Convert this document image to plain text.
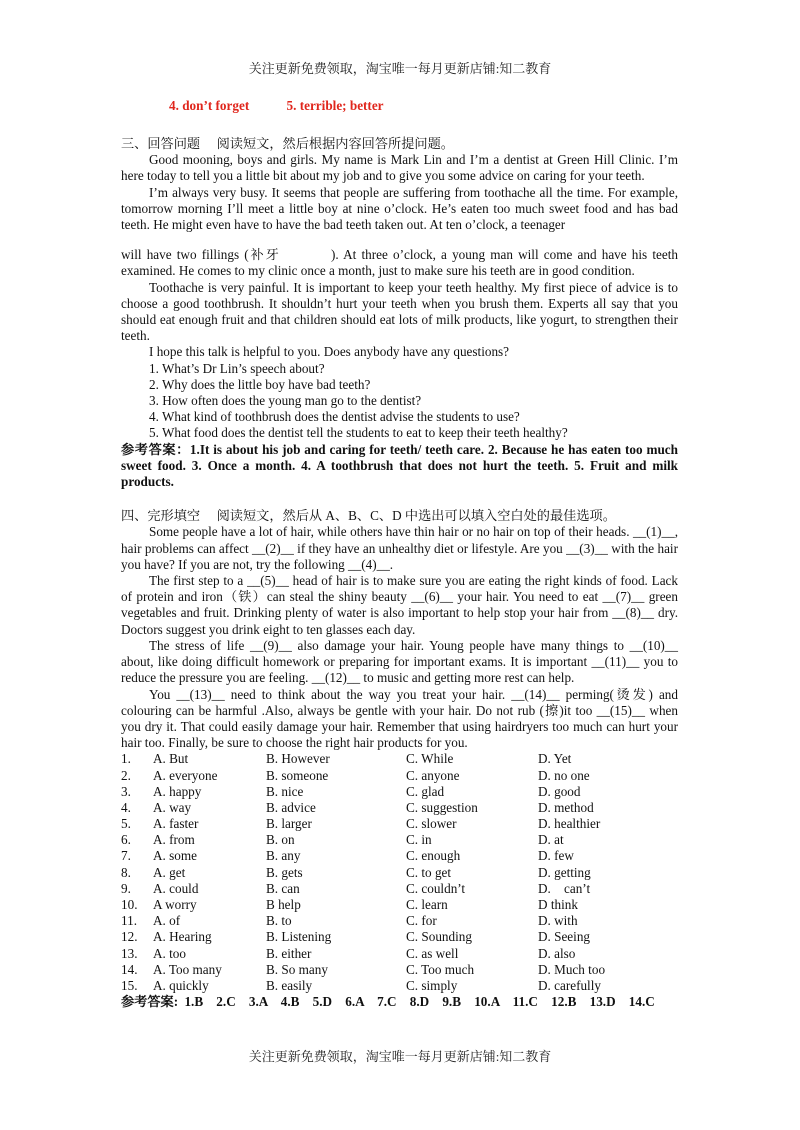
关注更新免费领取，淘宝唯一每月更新店铺:知二教育
4. don’t forget	5. terrible; better

三、回答问题　 阅读短文，然后根据内容回答所提问题。

Good mooning, boys and girls. My name is Mark Lin and I’m a dentist at Green Hill Clinic. I’m here today to tell you a little bit about my job and to give you some advice on caring for your teeth.

I’m always very busy. It seems that people are suffering from toothache all the time. For example, tomorrow morning I’ll meet a little boy at nine o’clock. He’s eaten too much sweet food and has bad teeth. He might even have to have the bad teeth taken out. At ten o’clock, a teenager

will have two fillings (补牙　　　 ). At three o’clock, a young man will come and have his teeth examined. He comes to my clinic once a month, just to make sure his teeth are in good condition.

Toothache is very painful. It is important to keep your teeth healthy. My first piece of advice is to choose a good toothbrush. It shouldn’t hurt your teeth when you brush them. Experts all say that you should eat enough fruit and that children should eat lots of milk products, like yogurt, to strengthen their teeth.

I hope this talk is helpful to you. Does anybody have any questions?

1. What’s Dr Lin’s speech about?

2. Why does the little boy have bad teeth?

3. How often does the young man go to the dentist?

4. What kind of toothbrush does the dentist advise the students to use?

5. What food does the dentist tell the students to eat to keep their teeth healthy?

参考答案：1.It is about his job and caring for teeth/ teeth care. 2. Because he has eaten too much sweet food. 3. Once a month. 4. A toothbrush that does not hurt the teeth. 5. Fruit and milk products.

四、完形填空　 阅读短文，然后从 A、B、C、D 中选出可以填入空白处的最佳选项。

Some people have a lot of hair, while others have thin hair or no hair on top of their heads. __(1)__, hair problems can affect __(2)__ if they have an unhealthy diet or lifestyle. Are you __(3)__ with the hair you have? If you are not, try the following __(4)__.

The first step to a __(5)__ head of hair is to make sure you are eating the right kinds of food. Lack of protein and iron（铁）can steal the shiny beauty __(6)__ your hair. You need to eat __(7)__ green vegetables and fruit. Drinking plenty of water is also important to help stop your hair from __(8)__ dry. Doctors suggest you drink eight to ten glasses each day.

The stress of life __(9)__ also damage your hair. Young people have many things to __(10)__ about, like doing difficult homework or preparing for important exams. It is important __(11)__ you to reduce the pressure you are feeling. __(12)__ to music and getting more rest can help.

You __(13)__ need to think about the way you treat your hair. __(14)__ perming(烫发) and colouring can be harmful .Also, always be gentle with your hair. Do not rub (擦)it too __(15)__ when you dry it. That could easily damage your hair. Remember that using hairdryers too much can hurt your hair too. Finally, be sure to choose the right hair products for you.

1.	A. But	B. However	C. While	D. Yet
2.	A. everyone	B. someone	C. anyone	D. no one
3.	A. happy	B. nice	C. glad	D. good
4.	A. way	B. advice	C. suggestion	D. method
5.	A. faster	B. larger	C. slower	D. healthier
6.	A. from	B. on	C. in	D. at
7.	A. some	B. any	C. enough	D. few
8.	A. get	B. gets	C. to get	D. getting
9.	A. could	B. can	C. couldn’t	D.　can’t
10.	A worry	B help	C. learn	D think
11.	A. of	B. to	C. for	D. with
12.	A. Hearing	B. Listening	C. Sounding	D. Seeing
13.	A. too	B. either	C. as well	D. also
14.	A. Too many	B. So many	C. Too much	D. Much too
15.	A. quickly	B. easily	C. simply	D. carefully

参考答案: 1.B　2.C　3.A　4.B　5.D　6.A　7.C　8.D　9.B　10.A　11.C　12.B　13.D　14.C

关注更新免费领取，淘宝唯一每月更新店铺:知二教育
